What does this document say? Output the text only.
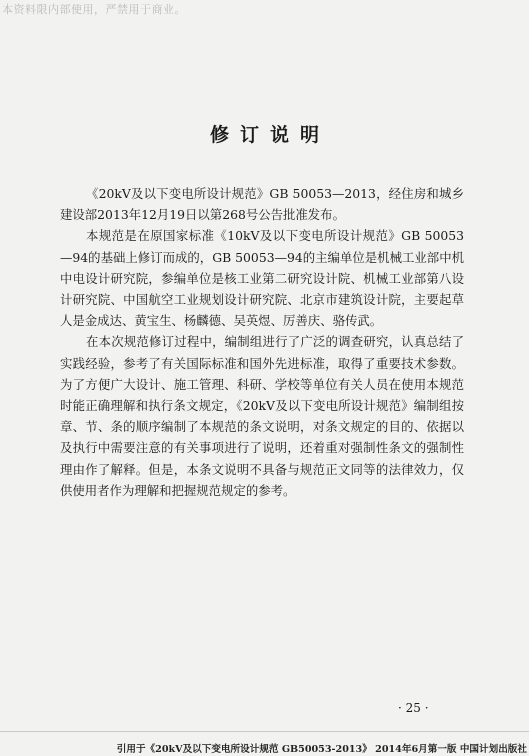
本资料限内部使用，严禁用于商业。
修订说明

《20kV及以下变电所设计规范》GB 50053—2013，经住房和城乡建设部2013年12月19日以第268号公告批准发布。

本规范是在原国家标准《10kV及以下变电所设计规范》GB 50053—94的基础上修订而成的，GB 50053—94的主编单位是机械工业部中机中电设计研究院，参编单位是核工业第二研究设计院、机械工业部第八设计研究院、中国航空工业规划设计研究院、北京市建筑设计院，主要起草人是金成达、黄宝生、杨麟德、吴英煜、厉善庆、骆传武。

在本次规范修订过程中，编制组进行了广泛的调查研究，认真总结了实践经验，参考了有关国际标准和国外先进标准，取得了重要技术参数。为了方便广大设计、施工管理、科研、学校等单位有关人员在使用本规范时能正确理解和执行条文规定，《20kV及以下变电所设计规范》编制组按章、节、条的顺序编制了本规范的条文说明，对条文规定的目的、依据以及执行中需要注意的有关事项进行了说明，还着重对强制性条文的强制性理由作了解释。但是，本条文说明不具备与规范正文同等的法律效力，仅供使用者作为理解和把握规范规定的参考。

· 25 ·
引用于《20kV及以下变电所设计规范 GB50053-2013》 2014年6月第一版 中国计划出版社
